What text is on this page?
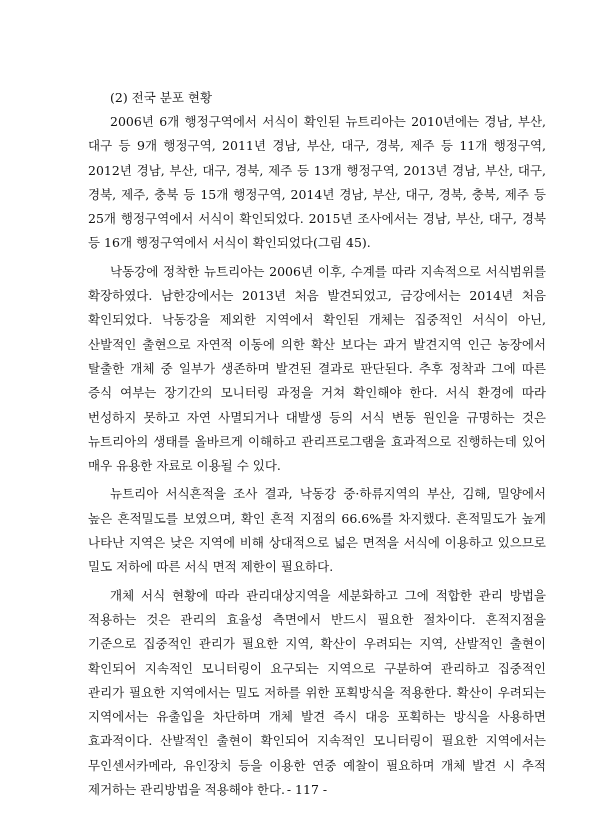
(2) 전국 분포 현황

2006년 6개 행정구역에서 서식이 확인된 뉴트리아는 2010년에는 경남, 부산, 대구 등 9개 행정구역, 2011년 경남, 부산, 대구, 경북, 제주 등 11개 행정구역, 2012년 경남, 부산, 대구, 경북, 제주 등 13개 행정구역, 2013년 경남, 부산, 대구, 경북, 제주, 충북 등 15개 행정구역, 2014년 경남, 부산, 대구, 경북, 충북, 제주 등 25개 행정구역에서 서식이 확인되었다. 2015년 조사에서는 경남, 부산, 대구, 경북 등 16개 행정구역에서 서식이 확인되었다(그림 45).

낙동강에 정착한 뉴트리아는 2006년 이후, 수계를 따라 지속적으로 서식범위를 확장하였다. 남한강에서는 2013년 처음 발견되었고, 금강에서는 2014년 처음 확인되었다. 낙동강을 제외한 지역에서 확인된 개체는 집중적인 서식이 아닌, 산발적인 출현으로 자연적 이동에 의한 확산 보다는 과거 발견지역 인근 농장에서 탈출한 개체 중 일부가 생존하며 발견된 결과로 판단된다. 추후 정착과 그에 따른 증식 여부는 장기간의 모니터링 과정을 거쳐 확인해야 한다. 서식 환경에 따라 번성하지 못하고 자연 사멸되거나 대발생 등의 서식 변동 원인을 규명하는 것은 뉴트리아의 생태를 올바르게 이해하고 관리프로그램을 효과적으로 진행하는데 있어 매우 유용한 자료로 이용될 수 있다.

뉴트리아 서식흔적을 조사 결과, 낙동강 중·하류지역의 부산, 김해, 밀양에서 높은 흔적밀도를 보였으며, 확인 흔적 지점의 66.6%를 차지했다. 흔적밀도가 높게 나타난 지역은 낮은 지역에 비해 상대적으로 넓은 면적을 서식에 이용하고 있으므로 밀도 저하에 따른 서식 면적 제한이 필요하다.

개체 서식 현황에 따라 관리대상지역을 세분화하고 그에 적합한 관리 방법을 적용하는 것은 관리의 효율성 측면에서 반드시 필요한 절차이다. 흔적지점을 기준으로 집중적인 관리가 필요한 지역, 확산이 우려되는 지역, 산발적인 출현이 확인되어 지속적인 모니터링이 요구되는 지역으로 구분하여 관리하고 집중적인 관리가 필요한 지역에서는 밀도 저하를 위한 포획방식을 적용한다. 확산이 우려되는 지역에서는 유출입을 차단하며 개체 발견 즉시 대응 포획하는 방식을 사용하면 효과적이다. 산발적인 출현이 확인되어 지속적인 모니터링이 필요한 지역에서는 무인센서카메라, 유인장치 등을 이용한 연중 예찰이 필요하며 개체 발견 시 추적 제거하는 관리방법을 적용해야 한다. - 117 -
